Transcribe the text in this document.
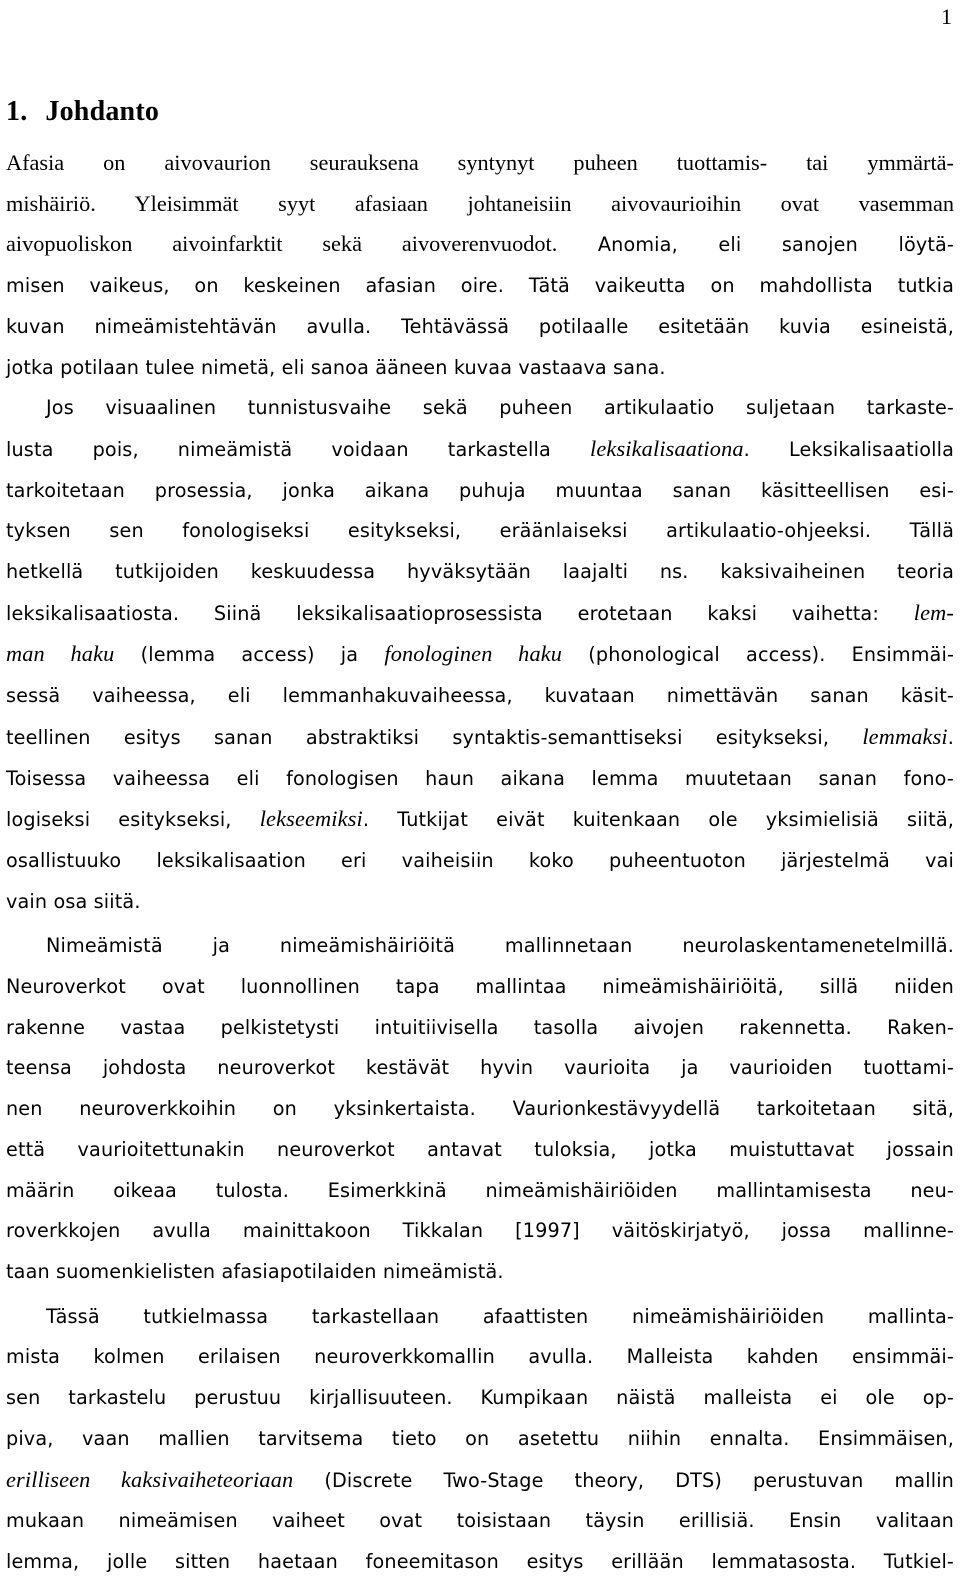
1
1. Johdanto

Afasia on aivovaurion seurauksena syntynyt puheen tuottamis- tai ymmärtä-
mishäiriö. Yleisimmät syyt afasiaan johtaneisiin aivovaurioihin ovat vasemman
aivopuoliskon aivoinfarktit sekä aivoverenvuodot. Anomia, eli sanojen löytä-
misen vaikeus, on keskeinen afasian oire. Tätä vaikeutta on mahdollista tutkia
kuvan nimeämistehtävän avulla. Tehtävässä potilaalle esitetään kuvia esineistä,
jotka potilaan tulee nimetä, eli sanoa ääneen kuvaa vastaava sana.

Jos visuaalinen tunnistusvaihe sekä puheen artikulaatio suljetaan tarkaste-
lusta pois, nimeämistä voidaan tarkastella leksikalisaationa. Leksikalisaatiolla
tarkoitetaan prosessia, jonka aikana puhuja muuntaa sanan käsitteellisen esi-
tyksen sen fonologiseksi esitykseksi, eräänlaiseksi artikulaatio-ohjeeksi. Tällä
hetkellä tutkijoiden keskuudessa hyväksytään laajalti ns. kaksivaiheinen teoria
leksikalisaatiosta. Siinä leksikalisaatioprosessista erotetaan kaksi vaihetta: lem-
man haku (lemma access) ja fonologinen haku (phonological access). Ensimmäi-
sessä vaiheessa, eli lemmanhakuvaiheessa, kuvataan nimettävän sanan käsit-
teellinen esitys sanan abstraktiksi syntaktis-semanttiseksi esitykseksi, lemmaksi.
Toisessa vaiheessa eli fonologisen haun aikana lemma muutetaan sanan fono-
logiseksi esitykseksi, lekseemiksi. Tutkijat eivät kuitenkaan ole yksimielisiä siitä,
osallistuuko leksikalisaation eri vaiheisiin koko puheentuoton järjestelmä vai
vain osa siitä.

Nimeämistä ja nimeämishäiriöitä mallinnetaan neurolaskentamenetelmillä.
Neuroverkot ovat luonnollinen tapa mallintaa nimeämishäiriöitä, sillä niiden
rakenne vastaa pelkistetysti intuitiivisella tasolla aivojen rakennetta. Raken-
teensa johdosta neuroverkot kestävät hyvin vaurioita ja vaurioiden tuottami-
nen neuroverkkoihin on yksinkertaista. Vaurionkestävyydellä tarkoitetaan sitä,
että vaurioitettunakin neuroverkot antavat tuloksia, jotka muistuttavat jossain
määrin oikeaa tulosta. Esimerkkinä nimeämishäiriöiden mallintamisesta neu-
roverkkojen avulla mainittakoon Tikkalan [1997] väitöskirjatyö, jossa mallinne-
taan suomenkielisten afasiapotilaiden nimeämistä.

Tässä tutkielmassa tarkastellaan afaattisten nimeämishäiriöiden mallinta-
mista kolmen erilaisen neuroverkkomallin avulla. Malleista kahden ensimmäi-
sen tarkastelu perustuu kirjallisuuteen. Kumpikaan näistä malleista ei ole op-
piva, vaan mallien tarvitsema tieto on asetettu niihin ennalta. Ensimmäisen,
erilliseen kaksivaiheteoriaan (Discrete Two-Stage theory, DTS) perustuvan mallin
mukaan nimeämisen vaiheet ovat toisistaan täysin erillisiä. Ensin valitaan
lemma, jolle sitten haetaan foneemitason esitys erillään lemmatasosta. Tutkiel-
